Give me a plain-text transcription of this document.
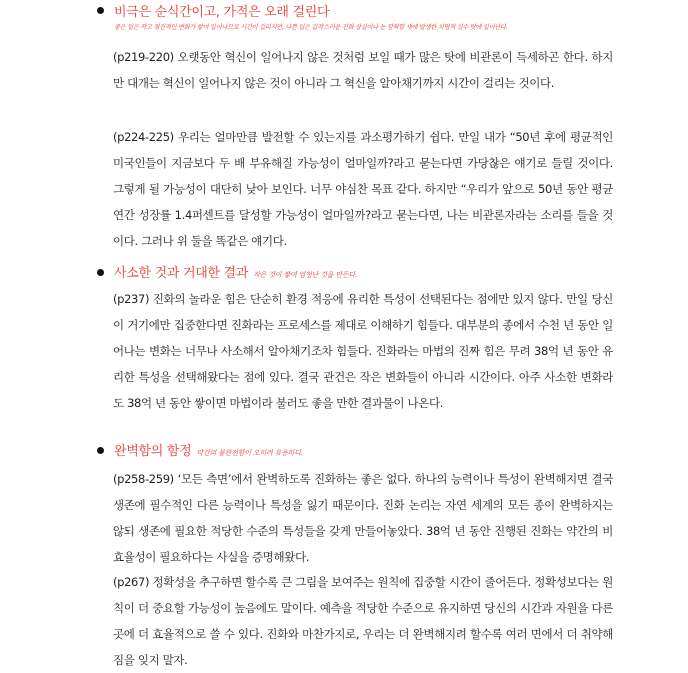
비극은 순식간이고, 가적은 오래 걸린다
좋은 일은 작고 점진적인 변화가 쌓여 일어나므로 시간이 걸리지만, 나쁜 일은 갑작스러운 진화 상실이나 눈 깜짝할 새에 발생한 치명적 실수 탓에 일어난다.

(p219-220) 오랫동안 혁신이 일어나지 않은 것처럼 보일 때가 많은 탓에 비관론이 득세하곤 한다. 하지만 대개는 혁신이 일어나지 않은 것이 아니라 그 혁신을 알아채기까지 시간이 걸리는 것이다.

(p224-225) 우리는 얼마만큼 발전할 수 있는지를 과소평가하기 쉽다. 만일 내가 “50년 후에 평균적인 미국인들이 지금보다 두 배 부유해질 가능성이 얼마일까?라고 묻는다면 가당찮은 얘기로 들릴 것이다. 그렇게 될 가능성이 대단히 낮아 보인다. 너무 야심찬 목표 같다. 하지만 “우리가 앞으로 50년 동안 평균 연간 성장률 1.4퍼센트를 달성할 가능성이 얼마일까?라고 묻는다면, 나는 비관론자라는 소리를 들을 것이다. 그러나 위 둘을 똑같은 얘기다.

사소한 것과 거대한 결과 작은 것이 쌓여 엄청난 것을 만든다.

(p237) 진화의 놀라운 힘은 단순히 환경 적응에 유리한 특성이 선택된다는 점에만 있지 않다. 만일 당신이 거기에만 집중한다면 진화라는 프로세스를 제대로 이해하기 힘들다. 대부분의 종에서 수천 년 동안 일어나는 변화는 너무나 사소해서 알아채기조차 힘들다. 진화라는 마법의 진짜 힘은 무려 38억 년 동안 유리한 특성을 선택해왔다는 점에 있다. 결국 관건은 작은 변화들이 아니라 시간이다. 아주 사소한 변화라도 38억 년 동안 쌓이면 마법이라 불러도 좋을 만한 결과물이 나온다.

완벽함의 함정 약간의 불완전함이 오히려 유용하다.

(p258-259) ‘모든 측면’에서 완벽하도록 진화하는 좋은 없다. 하나의 능력이나 특성이 완벽해지면 결국 생존에 필수적인 다른 능력이나 특성을 잃기 때문이다. 진화 논리는 자연 세계의 모든 종이 완벽하지는 않되 생존에 필요한 적당한 수준의 특성들을 갖게 만들어놓았다. 38억 년 동안 진행된 진화는 약간의 비효율성이 필요하다는 사실을 증명해왔다.

(p267) 정확성을 추구하면 할수록 큰 그림을 보여주는 원칙에 집중할 시간이 줄어든다. 정확성보다는 원칙이 더 중요할 가능성이 높음에도 말이다. 예측을 적당한 수준으로 유지하면 당신의 시간과 자원을 다른 곳에 더 효율적으로 쓸 수 있다. 진화와 마찬가지로, 우리는 더 완벽해지려 할수록 여러 면에서 더 취약해짐을 잊지 말자.
